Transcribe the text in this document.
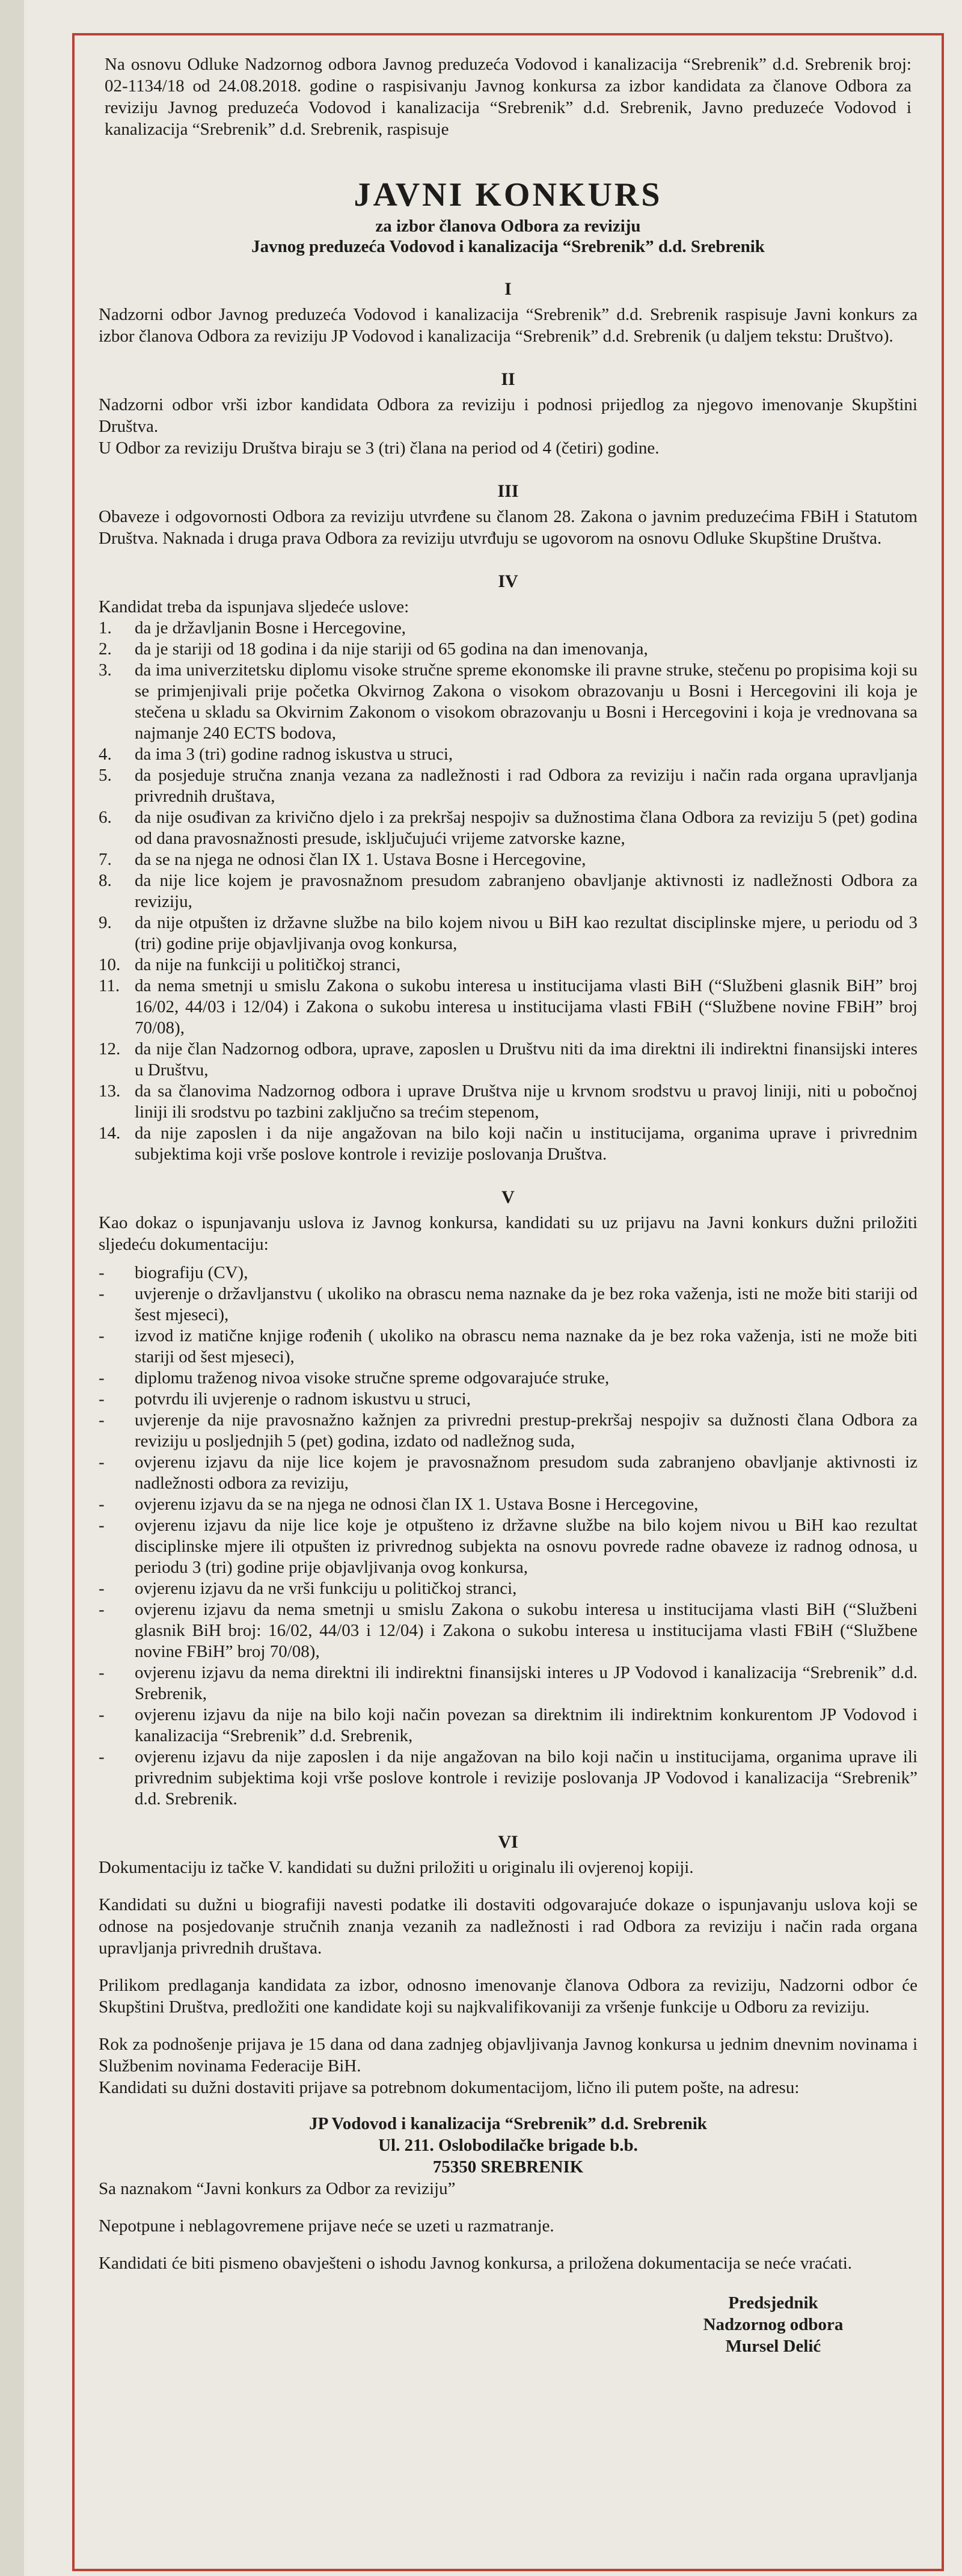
Na osnovu Odluke Nadzornog odbora Javnog preduzeća Vodovod i kanalizacija “Srebrenik” d.d. Srebrenik broj: 02-1134/18 od 24.08.2018. godine o raspisivanju Javnog konkursa za izbor kandidata za članove Odbora za reviziju Javnog preduzeća Vodovod i kanalizacija “Srebrenik” d.d. Srebrenik, Javno preduzeće Vodovod i kanalizacija “Srebrenik” d.d. Srebrenik, raspisuje

JAVNI KONKURS

za izbor članova Odbora za reviziju

Javnog preduzeća Vodovod i kanalizacija “Srebrenik” d.d. Srebrenik

I

Nadzorni odbor Javnog preduzeća Vodovod i kanalizacija “Srebrenik” d.d. Srebrenik raspisuje Javni konkurs za izbor članova Odbora za reviziju JP Vodovod i kanalizacija “Srebrenik” d.d. Srebrenik (u daljem tekstu: Društvo).

II

Nadzorni odbor vrši izbor kandidata Odbora za reviziju i podnosi prijedlog za njegovo imenovanje Skupštini Društva.

U Odbor za reviziju Društva biraju se 3 (tri) člana na period od 4 (četiri) godine.

III

Obaveze i odgovornosti Odbora za reviziju utvrđene su članom 28. Zakona o javnim preduzećima FBiH i Statutom Društva. Naknada i druga prava Odbora za reviziju utvrđuju se ugovorom na osnovu Odluke Skupštine Društva.

IV

Kandidat treba da ispunjava sljedeće uslove:

1.	da je državljanin Bosne i Hercegovine,
2.	da je stariji od 18 godina i da nije stariji od 65 godina na dan imenovanja,
3.	da ima univerzitetsku diplomu visoke stručne spreme ekonomske ili pravne struke, stečenu po propisima koji su se primjenjivali prije početka Okvirnog Zakona o visokom obrazovanju u Bosni i Hercegovini ili koja je stečena u skladu sa Okvirnim Zakonom o visokom obrazovanju u Bosni i Hercegovini i koja je vrednovana sa najmanje 240 ECTS bodova,
4.	da ima 3 (tri) godine radnog iskustva u struci,
5.	da posjeduje stručna znanja vezana za nadležnosti i rad Odbora za reviziju i način rada organa upravljanja privrednih društava,
6.	da nije osuđivan za krivično djelo i za prekršaj nespojiv sa dužnostima člana Odbora za reviziju 5 (pet) godina od dana pravosnažnosti presude, isključujući vrijeme zatvorske kazne,
7.	da se na njega ne odnosi član IX 1. Ustava Bosne i Hercegovine,
8.	da nije lice kojem je pravosnažnom presudom zabranjeno obavljanje aktivnosti iz nadležnosti Odbora za reviziju,
9.	da nije otpušten iz državne službe na bilo kojem nivou u BiH kao rezultat disciplinske mjere, u periodu od 3 (tri) godine prije objavljivanja ovog konkursa,
10. da nije na funkciji u političkoj stranci,
11. da nema smetnji u smislu Zakona o sukobu interesa u institucijama vlasti BiH (“Službeni glasnik BiH” broj 16/02, 44/03 i 12/04) i Zakona o sukobu interesa u institucijama vlasti FBiH (“Službene novine FBiH” broj 70/08),
12. da nije član Nadzornog odbora, uprave, zaposlen u Društvu niti da ima direktni ili indirektni finansijski interes u Društvu,
13. da sa članovima Nadzornog odbora i uprave Društva nije u krvnom srodstvu u pravoj liniji, niti u pobočnoj liniji ili srodstvu po tazbini zaključno sa trećim stepenom,
14. da nije zaposlen i da nije angažovan na bilo koji način u institucijama, organima uprave i privrednim subjektima koji vrše poslove kontrole i revizije poslovanja Društva.
V

Kao dokaz o ispunjavanju uslova iz Javnog konkursa, kandidati su uz prijavu na Javni konkurs dužni priložiti sljedeću dokumentaciju:

-	biografiju (CV),
-	uvjerenje o državljanstvu ( ukoliko na obrascu nema naznake da je bez roka važenja, isti ne može biti stariji od šest mjeseci),
-	izvod iz matične knjige rođenih ( ukoliko na obrascu nema naznake da je bez roka važenja, isti ne može biti stariji od šest mjeseci),
-	diplomu traženog nivoa visoke stručne spreme odgovarajuće struke,
-	potvrdu ili uvjerenje o radnom iskustvu u struci,
-	uvjerenje da nije pravosnažno kažnjen za privredni prestup-prekršaj nespojiv sa dužnosti člana Odbora za reviziju u posljednjih 5 (pet) godina, izdato od nadležnog suda,
-	ovjerenu izjavu da nije lice kojem je pravosnažnom presudom suda zabranjeno obavljanje aktivnosti iz nadležnosti odbora za reviziju,
-	ovjerenu izjavu da se na njega ne odnosi član IX 1. Ustava Bosne i Hercegovine,
-	ovjerenu izjavu da nije lice koje je otpušteno iz državne službe na bilo kojem nivou u BiH kao rezultat disciplinske mjere ili otpušten iz privrednog subjekta na osnovu povrede radne obaveze iz radnog odnosa, u periodu 3 (tri) godine prije objavljivanja ovog konkursa,
-	ovjerenu izjavu da ne vrši funkciju u političkoj stranci,
-	ovjerenu izjavu da nema smetnji u smislu Zakona o sukobu interesa u institucijama vlasti BiH (“Službeni glasnik BiH broj: 16/02, 44/03 i 12/04) i Zakona o sukobu interesa u institucijama vlasti FBiH (“Službene novine FBiH” broj 70/08),
-	ovjerenu izjavu da nema direktni ili indirektni finansijski interes u JP Vodovod i kanalizacija “Srebrenik” d.d. Srebrenik,
-	ovjerenu izjavu da nije na bilo koji način povezan sa direktnim ili indirektnim konkurentom JP Vodovod i kanalizacija “Srebrenik” d.d. Srebrenik,
-	ovjerenu izjavu da nije zaposlen i da nije angažovan na bilo koji način u institucijama, organima uprave ili privrednim subjektima koji vrše poslove kontrole i revizije poslovanja JP Vodovod i kanalizacija “Srebrenik” d.d. Srebrenik.
VI

Dokumentaciju iz tačke V. kandidati su dužni priložiti u originalu ili ovjerenoj kopiji.

Kandidati su dužni u biografiji navesti podatke ili dostaviti odgovarajuće dokaze o ispunjavanju uslova koji se odnose na posjedovanje stručnih znanja vezanih za nadležnosti i rad Odbora za reviziju i način rada organa upravljanja privrednih društava.

Prilikom predlaganja kandidata za izbor, odnosno imenovanje članova Odbora za reviziju, Nadzorni odbor će Skupštini Društva, predložiti one kandidate koji su najkvalifikovaniji za vršenje funkcije u Odboru za reviziju.

Rok za podnošenje prijava je 15 dana od dana zadnjeg objavljivanja Javnog konkursa u jednim dnevnim novinama i Službenim novinama Federacije BiH.

Kandidati su dužni dostaviti prijave sa potrebnom dokumentacijom, lično ili putem pošte, na adresu:

JP Vodovod i kanalizacija “Srebrenik” d.d. Srebrenik
Ul. 211. Oslobodilačke brigade b.b.
75350 SREBRENIK

Sa naznakom “Javni konkurs za Odbor za reviziju”

Nepotpune i neblagovremene prijave neće se uzeti u razmatranje.

Kandidati će biti pismeno obavješteni o ishodu Javnog konkursa, a priložena dokumentacija se neće vraćati.

Predsjednik
Nadzornog odbora
Mursel Delić
